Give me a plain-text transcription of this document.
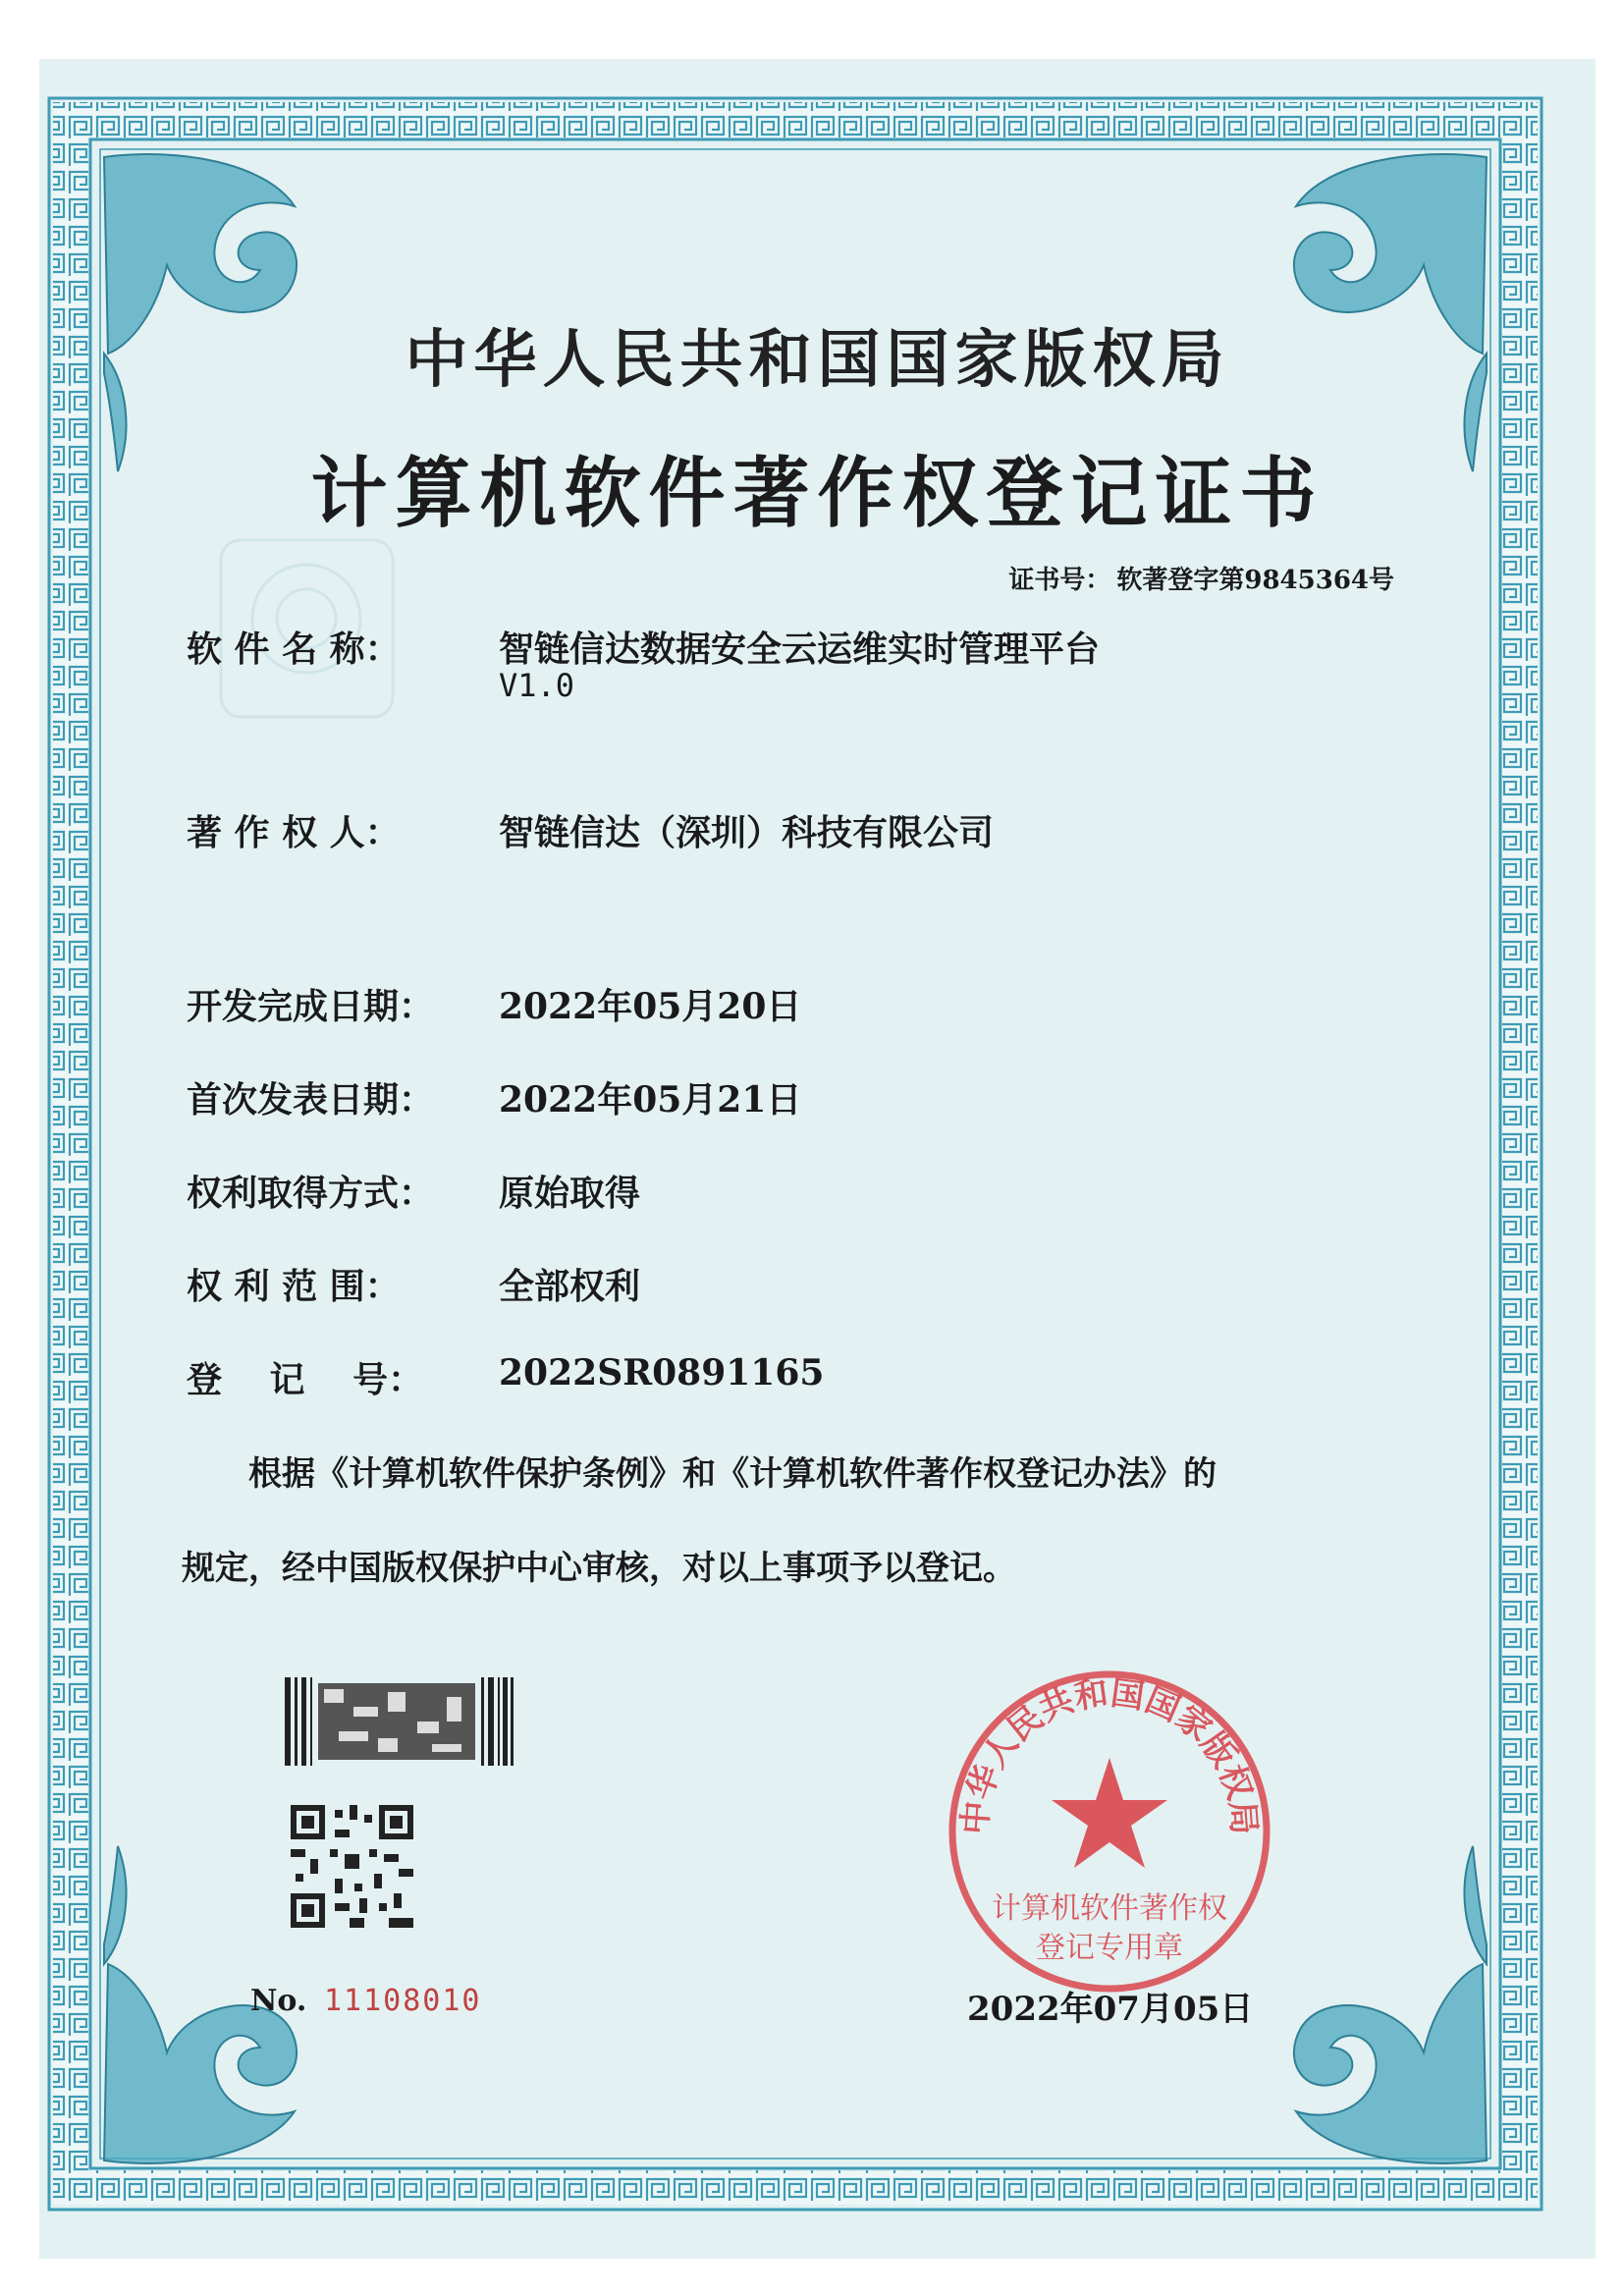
中华人民共和国国家版权局
计算机软件著作权登记证书
证书号： 软著登字第9845364号
软 件 名 称：	智链信达数据安全云运维实时管理平台
V1.0
著 作 权 人：	智链信达（深圳）科技有限公司
开发完成日期： 2022年05月20日
首次发表日期： 2022年05月21日
权利取得方式： 原始取得
权 利 范 围：	全部权利
登　 记　 号： 2022SR0891165
根据《计算机软件保护条例》和《计算机软件著作权登记办法》的
规定，经中国版权保护中心审核，对以上事项予以登记。
No. 11108010
中华人民共和国国家版权局
计算机软件著作权
登记专用章
2022年07月05日
